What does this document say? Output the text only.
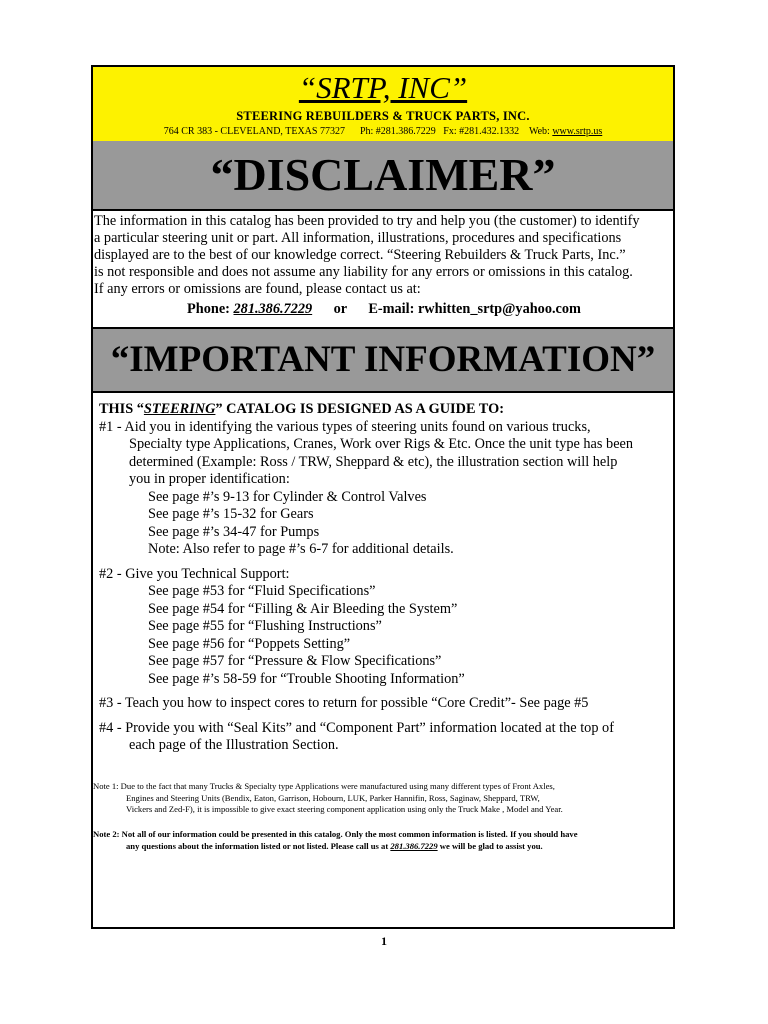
“SRTP, INC”
STEERING REBUILDERS & TRUCK PARTS, INC.
764 CR 383 - CLEVELAND, TEXAS 77327 Ph: #281.386.7229 Fx: #281.432.1332 Web: www.srtp.us
“DISCLAIMER”
The information in this catalog has been provided to try and help you (the customer) to identify
a particular steering unit or part. All information, illustrations, procedures and specifications
displayed are to the best of our knowledge correct. “Steering Rebuilders & Truck Parts, Inc.”
is not responsible and does not assume any liability for any errors or omissions in this catalog.
If any errors or omissions are found, please contact us at:
Phone: 281.386.7229 or E-mail: rwhitten_srtp@yahoo.com
“IMPORTANT INFORMATION”
THIS “STEERING” CATALOG IS DESIGNED AS A GUIDE TO:
#1 - Aid you in identifying the various types of steering units found on various trucks,
Specialty type Applications, Cranes, Work over Rigs & Etc. Once the unit type has been
determined (Example: Ross / TRW, Sheppard & etc), the illustration section will help
you in proper identification:
See page #’s 9-13 for Cylinder & Control Valves
See page #’s 15-32 for Gears
See page #’s 34-47 for Pumps
Note: Also refer to page #’s 6-7 for additional details.
#2 - Give you Technical Support:
See page #53 for “Fluid Specifications”
See page #54 for “Filling & Air Bleeding the System”
See page #55 for “Flushing Instructions”
See page #56 for “Poppets Setting”
See page #57 for “Pressure & Flow Specifications”
See page #’s 58-59 for “Trouble Shooting Information”
#3 - Teach you how to inspect cores to return for possible “Core Credit”- See page #5
#4 - Provide you with “Seal Kits” and “Component Part” information located at the top of
each page of the Illustration Section.
Note 1: Due to the fact that many Trucks & Specialty type Applications were manufactured using many different types of Front Axles,
Engines and Steering Units (Bendix, Eaton, Garrison, Hobourn, LUK, Parker Hannifin, Ross, Saginaw, Sheppard, TRW,
Vickers and Zed-F), it is impossible to give exact steering component application using only the Truck Make , Model and Year.
Note 2: Not all of our information could be presented in this catalog. Only the most common information is listed. If you should have
any questions about the information listed or not listed. Please call us at 281.386.7229 we will be glad to assist you.
1
